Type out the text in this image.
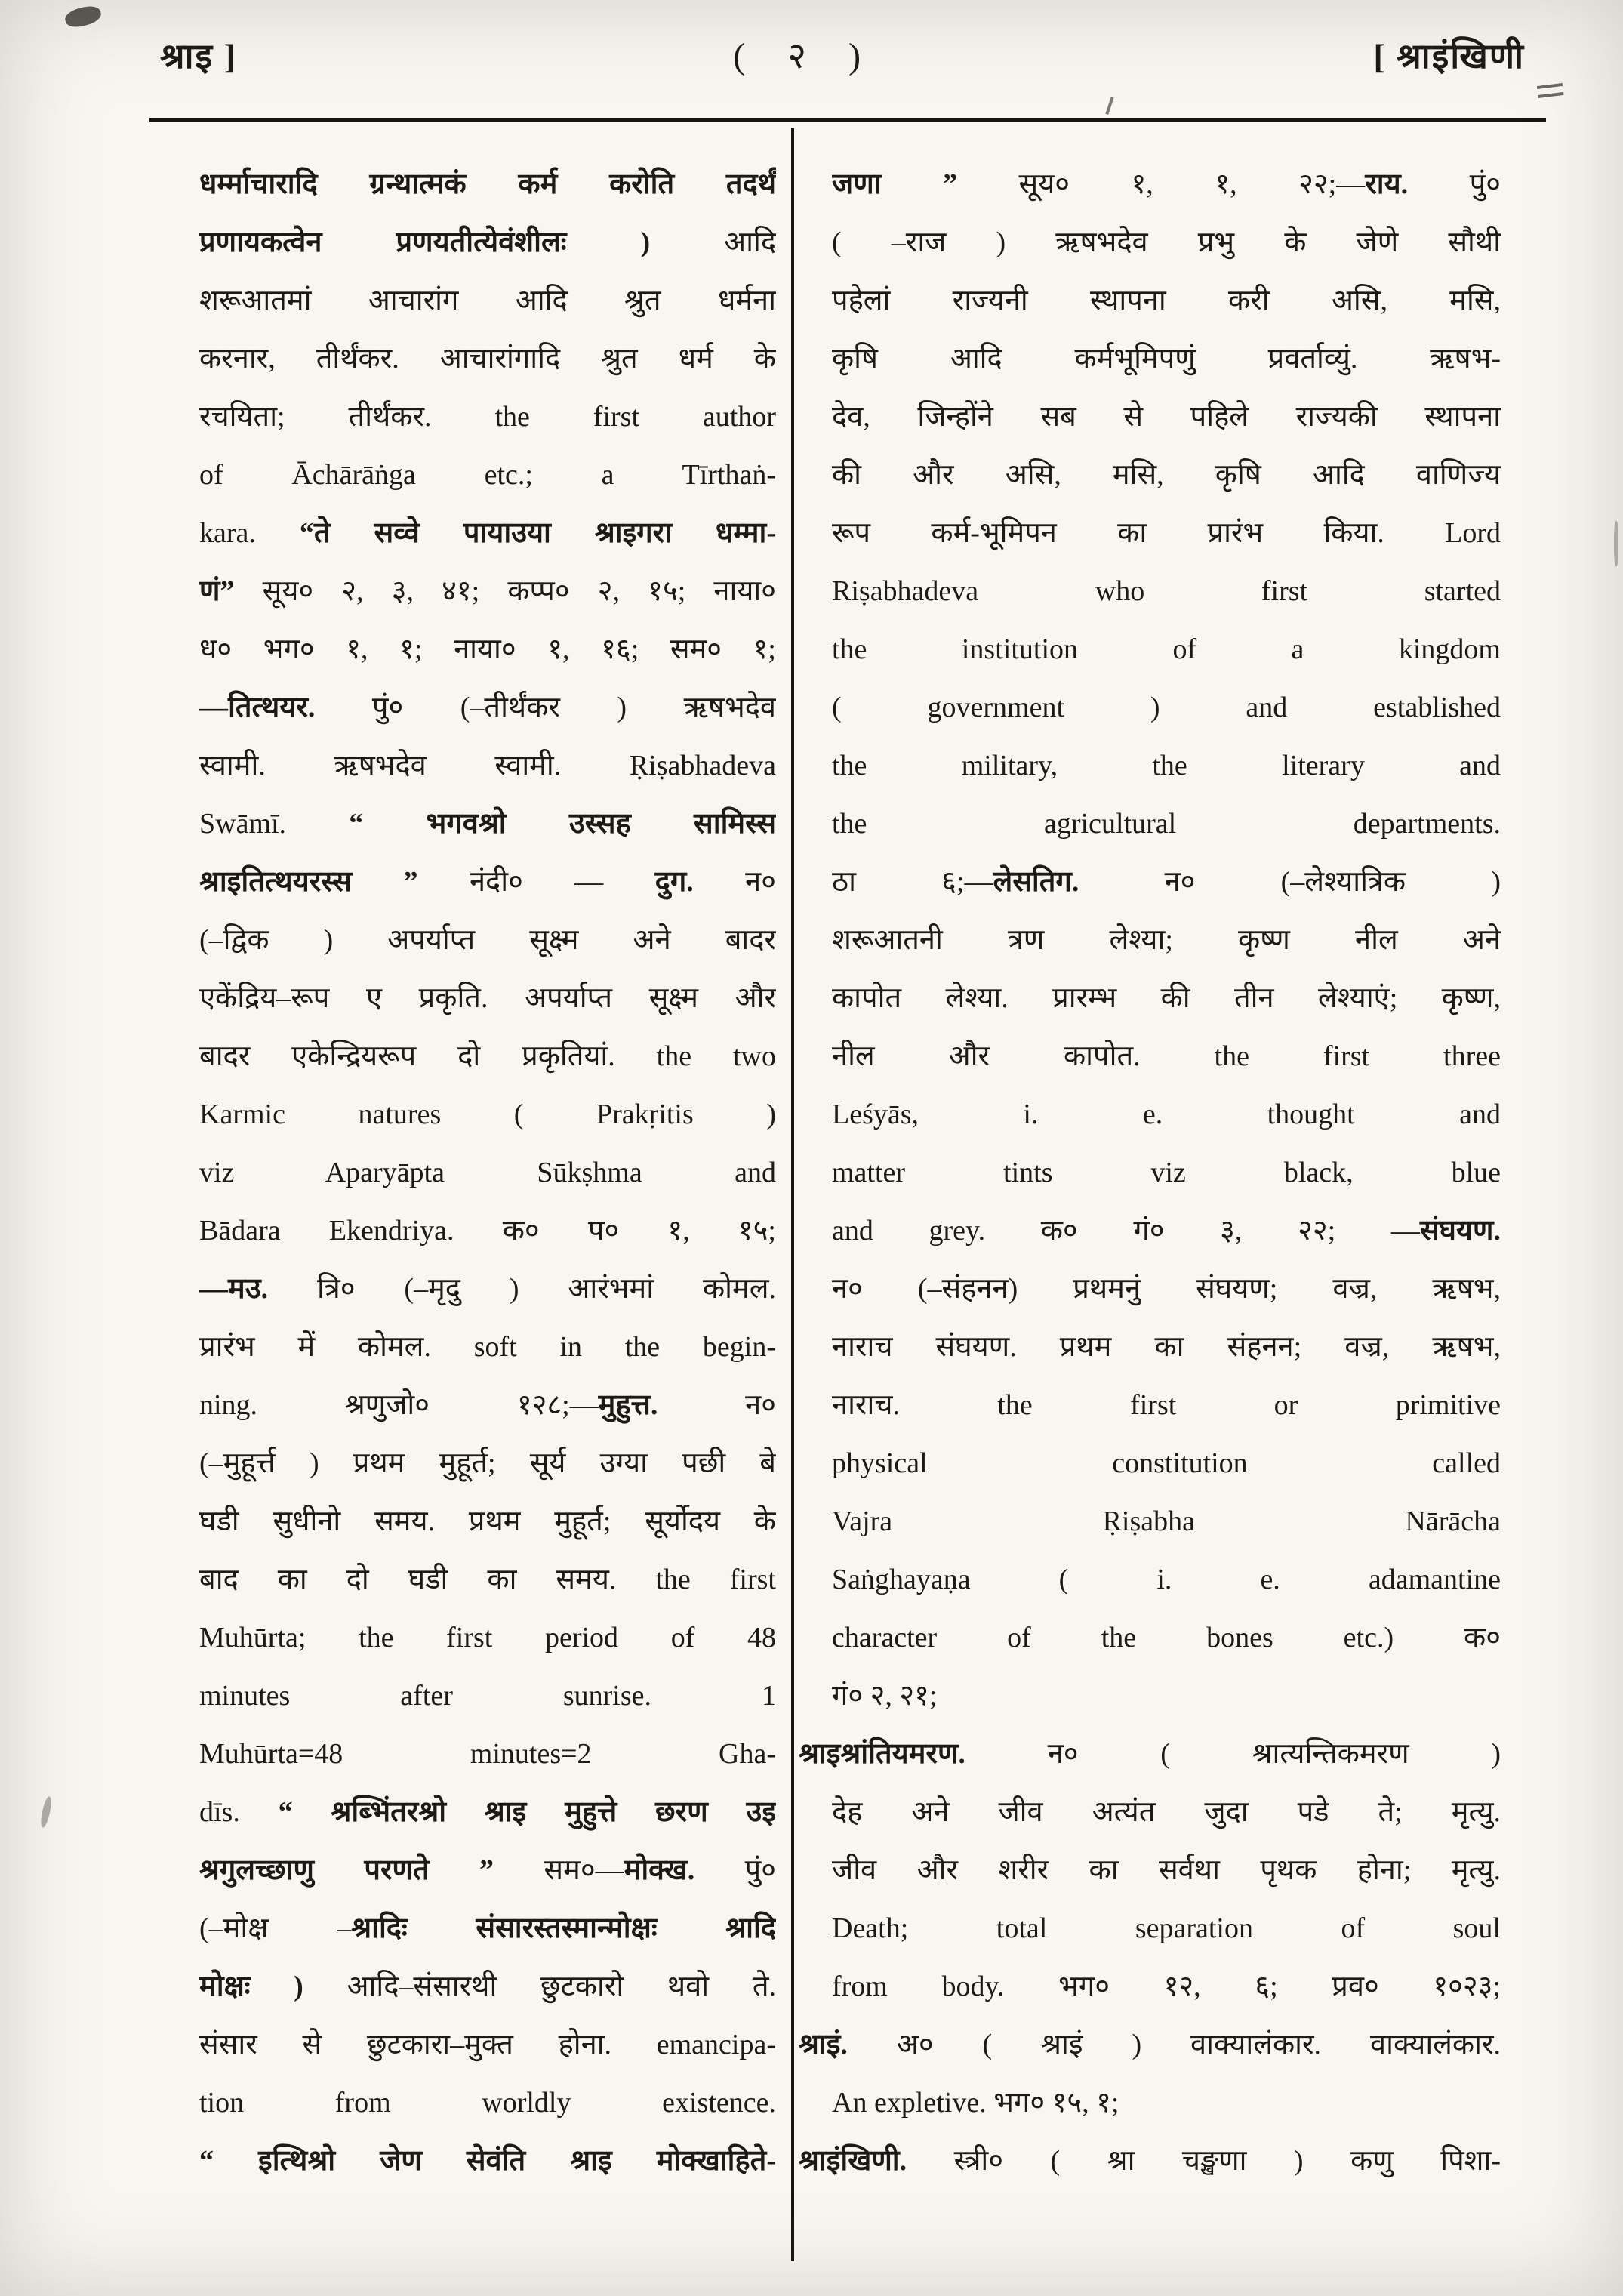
श्राइ ]	( २ )	[ श्राइंखिणी
धर्म्माचारादि ग्रन्थात्मकं कर्म करोति तदर्थं
प्रणायकत्वेन प्रणयतीत्येवंशीलः ) आदि
शरूआतमां आचारांग आदि श्रुत धर्मना
करनार, तीर्थंकर. आचारांगादि श्रुत धर्म के
रचयिता; तीर्थंकर. the first author
of Āchārāṅga etc.; a Tīrthaṅ-
kara. “ते सव्वे पायाउया श्राइगरा धम्मा-
णं” सूय० २, ३, ४१; कप्प० २, १५; नाया०
ध० भग० १, १; नाया० १, १६; सम० १;
—तित्थयर. पुं० (–तीर्थंकर ) ऋषभदेव
स्वामी. ऋषभदेव स्वामी. Ṛiṣabhadeva
Swāmī. “ भगवश्रो उस्सह सामिस्स
श्राइतित्थयरस्स ” नंदी० — दुग. न०
(–द्विक ) अपर्याप्त सूक्ष्म अने बादर
एकेंद्रिय–रूप ए प्रकृति. अपर्याप्त सूक्ष्म और
बादर एकेन्द्रियरूप दो प्रकृतियां. the two
Karmic natures ( Prakṛitis )
viz Aparyāpta Sūkṣhma and
Bādara Ekendriya. क० प० १, १५;
—मउ. त्रि० (–मृदु ) आरंभमां कोमल.
प्रारंभ में कोमल. soft in the begin-
ning. श्रणुजो० १२८;—मुहुत्त. न०
(–मुहूर्त्त ) प्रथम मुहूर्त; सूर्य उग्या पछी बे
घडी सुधीनो समय. प्रथम मुहूर्त; सूर्योदय के
बाद का दो घडी का समय. the first
Muhūrta; the first period of 48
minutes after sunrise. 1
Muhūrta=48 minutes=2 Gha-
dīs. “ श्रब्भिंतरश्रो श्राइ मुहुत्ते छरण उइ
श्रगुलच्छाणु परणते ” सम०—मोक्ख. पुं०
(–मोक्ष –श्रादिः संसारस्तस्मान्मोक्षः श्रादि
मोक्षः ) आदि–संसारथी छुटकारो थवो ते.
संसार से छुटकारा–मुक्त होना. emancipa-
tion from worldly existence.
“ इत्थिश्रो जेण सेवंति श्राइ मोक्खाहिते-
जणा ” सूय० १, १, २२;—राय. पुं०
( –राज ) ऋषभदेव प्रभु के जेणे सौथी
पहेलां राज्यनी स्थापना करी असि, मसि,
कृषि आदि कर्मभूमिपणुं प्रवर्ताव्युं. ऋषभ-
देव, जिन्होंने सब से पहिले राज्यकी स्थापना
की और असि, मसि, कृषि आदि वाणिज्य
रूप कर्म-भूमिपन का प्रारंभ किया. Lord
Riṣabhadeva who first started
the institution of a kingdom
( government ) and established
the military, the literary and
the agricultural departments.
ठा ६;—लेसतिग. न० (–लेश्यात्रिक )
शरूआतनी त्रण लेश्या; कृष्ण नील अने
कापोत लेश्या. प्रारम्भ की तीन लेश्याएं; कृष्ण,
नील और कापोत. the first three
Leśyās, i. e. thought and
matter tints viz black, blue
and grey. क० गं० ३, २२; —संघयण.
न० (–संहनन) प्रथमनुं संघयण; वज्र, ऋषभ,
नाराच संघयण. प्रथम का संहनन; वज्र, ऋषभ,
नाराच. the first or primitive
physical constitution called
Vajra Ṛiṣabha Nārācha
Saṅghayaṇa ( i. e. adamantine
character of the bones etc.) क०
गं० २, २१;
श्राइश्रांतियमरण. न० ( श्रात्यन्तिकमरण )
देह अने जीव अत्यंत जुदा पडे ते; मृत्यु.
जीव और शरीर का सर्वथा पृथक होना; मृत्यु.
Death; total separation of soul
from body. भग० १२, ६; प्रव० १०२३;
श्राइं. अ० ( श्राइं ) वाक्यालंकार. वाक्यालंकार.
An expletive. भग० १५, १;
श्राइंखिणी. स्त्री० ( श्रा चङ्खणा ) कणु पिशा-
